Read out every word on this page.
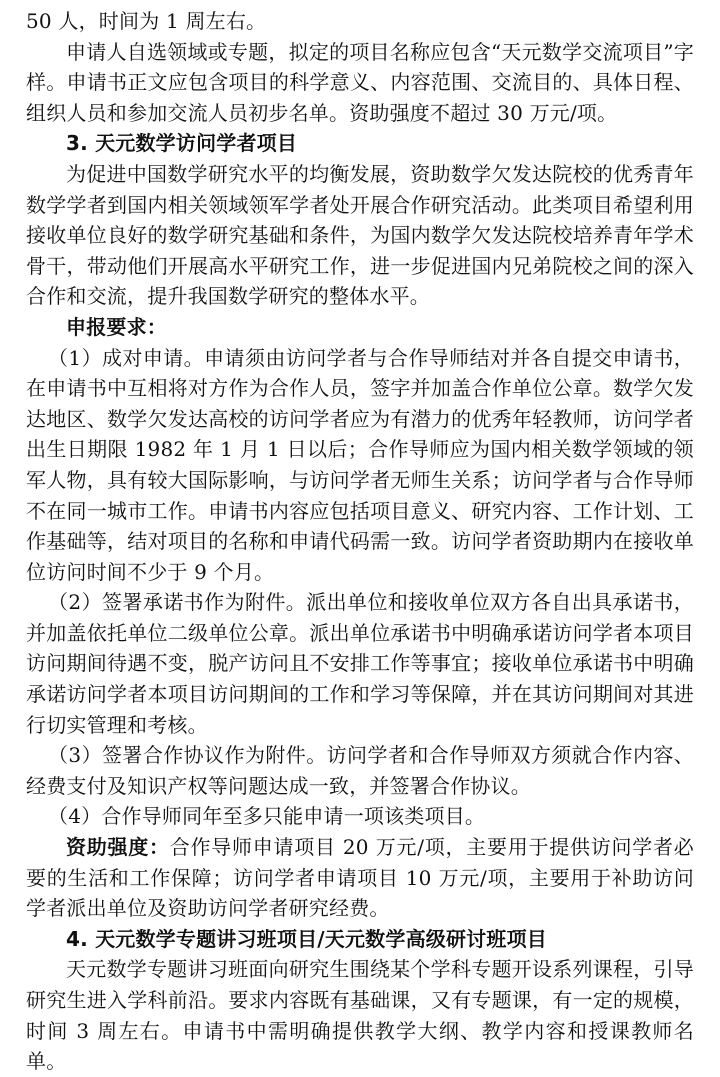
50 人，时间为 1 周左右。

申请人自选领域或专题，拟定的项目名称应包含“天元数学交流项目”字样。申请书正文应包含项目的科学意义、内容范围、交流目的、具体日程、组织人员和参加交流人员初步名单。资助强度不超过 30 万元/项。

3. 天元数学访问学者项目

为促进中国数学研究水平的均衡发展，资助数学欠发达院校的优秀青年数学学者到国内相关领域领军学者处开展合作研究活动。此类项目希望利用接收单位良好的数学研究基础和条件，为国内数学欠发达院校培养青年学术骨干，带动他们开展高水平研究工作，进一步促进国内兄弟院校之间的深入合作和交流，提升我国数学研究的整体水平。

申报要求：

（1）成对申请。申请须由访问学者与合作导师结对并各自提交申请书，在申请书中互相将对方作为合作人员，签字并加盖合作单位公章。数学欠发达地区、数学欠发达高校的访问学者应为有潜力的优秀年轻教师，访问学者出生日期限 1982 年 1 月 1 日以后；合作导师应为国内相关数学领域的领军人物，具有较大国际影响，与访问学者无师生关系；访问学者与合作导师不在同一城市工作。申请书内容应包括项目意义、研究内容、工作计划、工作基础等，结对项目的名称和申请代码需一致。访问学者资助期内在接收单位访问时间不少于 9 个月。

（2）签署承诺书作为附件。派出单位和接收单位双方各自出具承诺书，并加盖依托单位二级单位公章。派出单位承诺书中明确承诺访问学者本项目访问期间待遇不变，脱产访问且不安排工作等事宜；接收单位承诺书中明确承诺访问学者本项目访问期间的工作和学习等保障，并在其访问期间对其进行切实管理和考核。

（3）签署合作协议作为附件。访问学者和合作导师双方须就合作内容、经费支付及知识产权等问题达成一致，并签署合作协议。

（4）合作导师同年至多只能申请一项该类项目。

资助强度：合作导师申请项目 20 万元/项，主要用于提供访问学者必要的生活和工作保障；访问学者申请项目 10 万元/项，主要用于补助访问学者派出单位及资助访问学者研究经费。

4. 天元数学专题讲习班项目/天元数学高级研讨班项目

天元数学专题讲习班面向研究生围绕某个学科专题开设系列课程，引导研究生进入学科前沿。要求内容既有基础课，又有专题课，有一定的规模，时间 3 周左右。申请书中需明确提供教学大纲、教学内容和授课教师名单。
